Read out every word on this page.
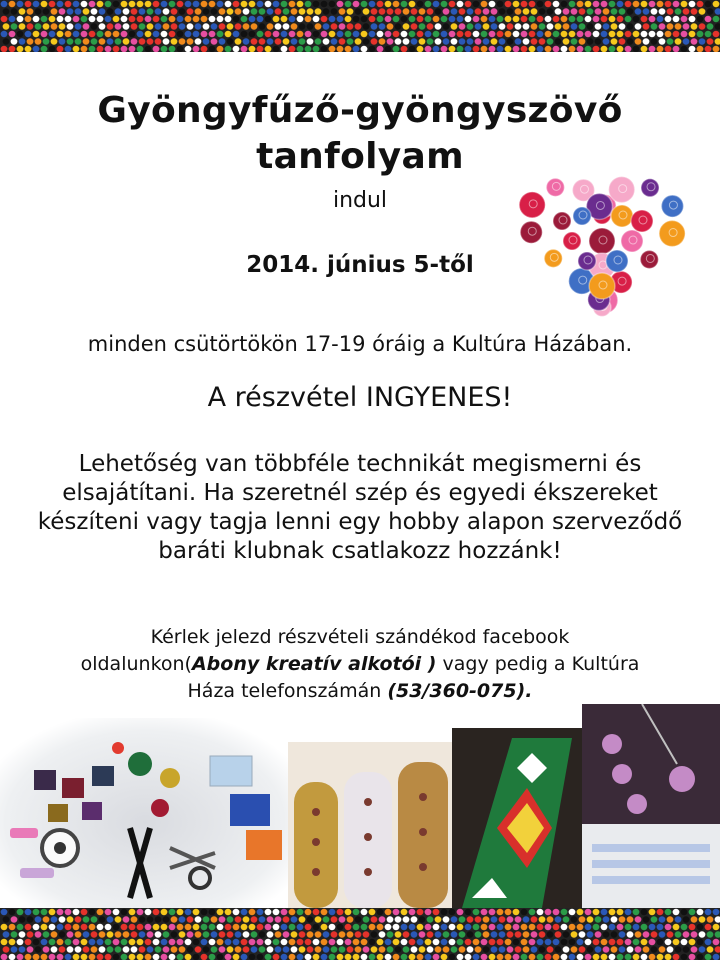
Gyöngyfűző-gyöngyszövő
tanfolyam
indul
2014. június 5-től
minden csütörtökön 17-19 óráig a Kultúra Házában.
A részvétel INGYENES!
Lehetőség van többféle technikát megismerni és elsajátítani. Ha szeretnél szép és egyedi ékszereket készíteni vagy tagja lenni egy hobby alapon szerveződő baráti klubnak csatlakozz hozzánk!
Kérlek jelezd részvételi szándékod facebook oldalunkon(Abony kreatív alkotói ) vagy pedig a Kultúra Háza telefonszámán (53/360-075).
